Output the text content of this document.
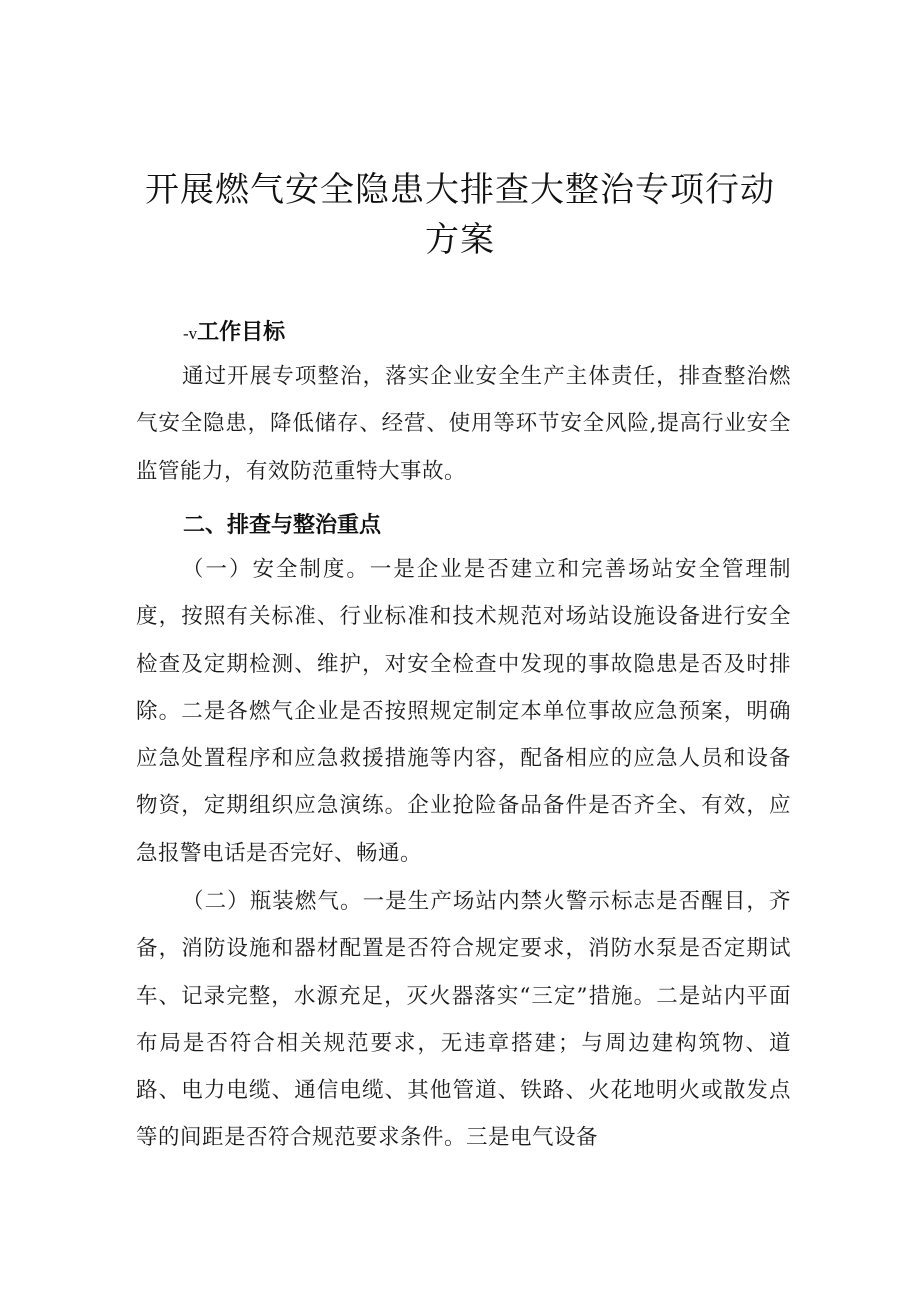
开展燃气安全隐患大排查大整治专项行动
方案
-v工作目标

通过开展专项整治，落实企业安全生产主体责任，排查整治燃气安全隐患，降低储存、经营、使用等环节安全风险,提高行业安全监管能力，有效防范重特大事故。

二、排查与整治重点

（一）安全制度。一是企业是否建立和完善场站安全管理制度，按照有关标准、行业标准和技术规范对场站设施设备进行安全检查及定期检测、维护，对安全检查中发现的事故隐患是否及时排除。二是各燃气企业是否按照规定制定本单位事故应急预案，明确应急处置程序和应急救援措施等内容，配备相应的应急人员和设备物资，定期组织应急演练。企业抢险备品备件是否齐全、有效，应急报警电话是否完好、畅通。

（二）瓶装燃气。一是生产场站内禁火警示标志是否醒目，齐备，消防设施和器材配置是否符合规定要求，消防水泵是否定期试车、记录完整，水源充足，灭火器落实“三定”措施。二是站内平面布局是否符合相关规范要求，无违章搭建；与周边建构筑物、道路、电力电缆、通信电缆、其他管道、铁路、火花地明火或散发点等的间距是否符合规范要求条件。三是电气设备
